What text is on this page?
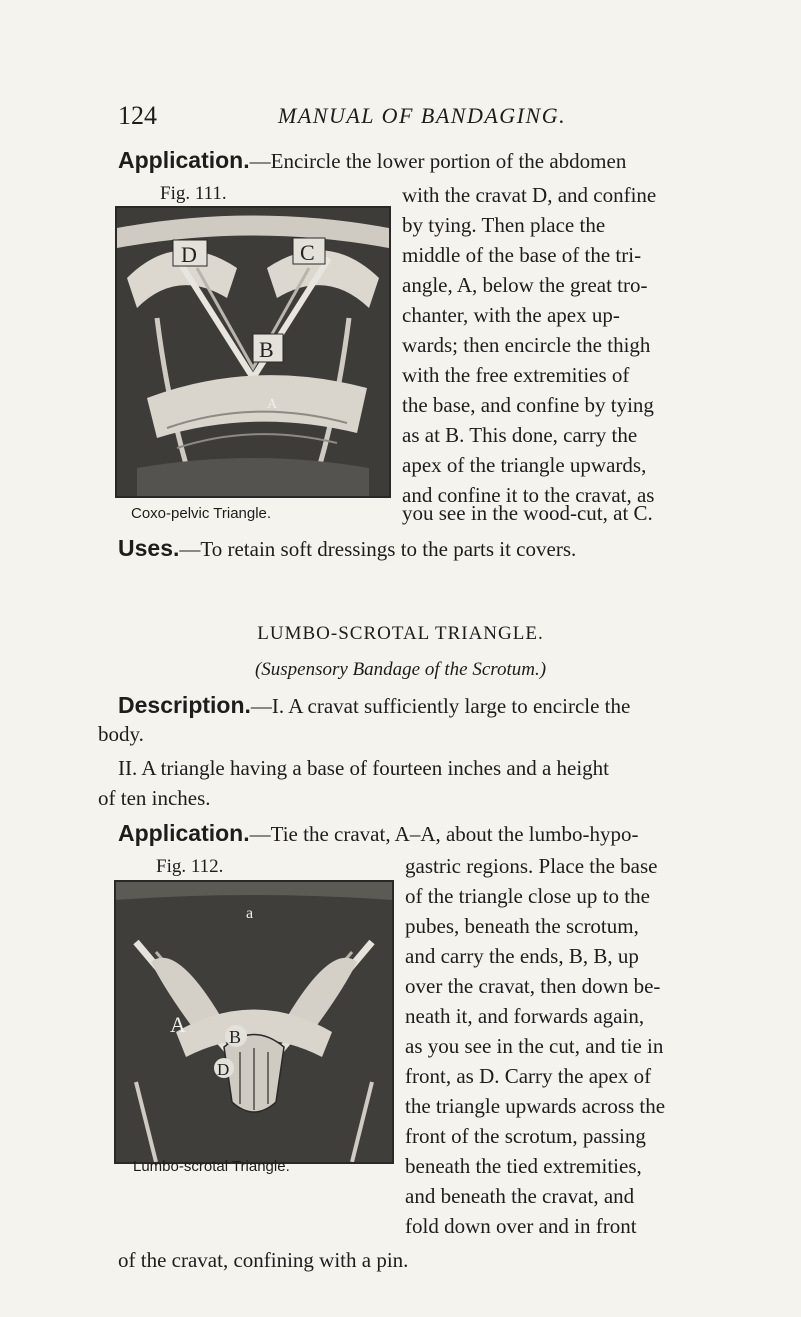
124	MANUAL OF BANDAGING.
Application.—Encircle the lower portion of the abdomen
Fig. 111.
D	C
B
A
Coxo-pelvic Triangle.
with the cravat D, and confine
by tying. Then place the
middle of the base of the tri-
angle, A, below the great tro-
chanter, with the apex up-
wards; then encircle the thigh
with the free extremities of
the base, and confine by tying
as at B. This done, carry the
apex of the triangle upwards,
and confine it to the cravat, as
you see in the wood-cut, at C.
Uses.—To retain soft dressings to the parts it covers.
LUMBO-SCROTAL TRIANGLE.
(Suspensory Bandage of the Scrotum.)
Description.—I. A cravat sufficiently large to encircle the
body.
II. A triangle having a base of fourteen inches and a height
of ten inches.
Application.—Tie the cravat, A–A, about the lumbo-hypo-
Fig. 112.
a
A B
D
Lumbo-scrotal Triangle.
gastric regions. Place the base
of the triangle close up to the
pubes, beneath the scrotum,
and carry the ends, B, B, up
over the cravat, then down be-
neath it, and forwards again,
as you see in the cut, and tie in
front, as D. Carry the apex of
the triangle upwards across the
front of the scrotum, passing
beneath the tied extremities,
and beneath the cravat, and
fold down over and in front
of the cravat, confining with a pin.
